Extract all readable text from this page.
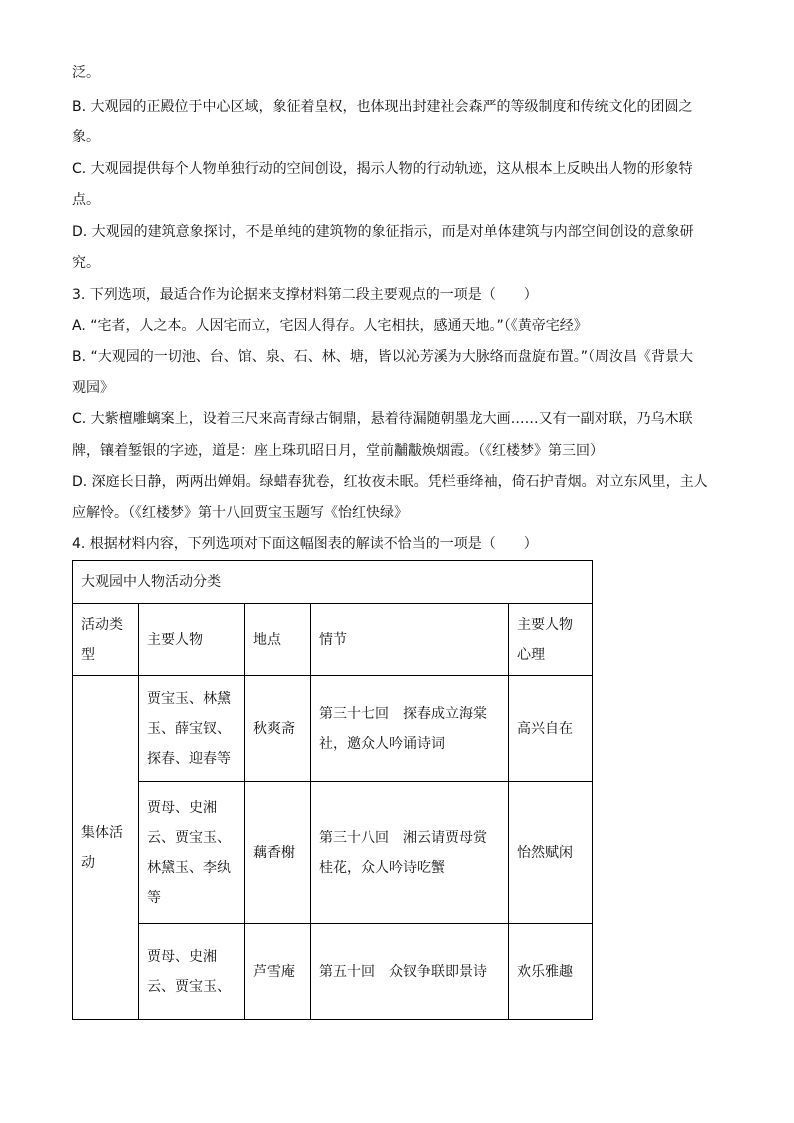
泛。
B. 大观园的正殿位于中心区域，象征着皇权，也体现出封建社会森严的等级制度和传统文化的团圆之
象。
C. 大观园提供每个人物单独行动的空间创设，揭示人物的行动轨迹，这从根本上反映出人物的形象特
点。
D. 大观园的建筑意象探讨，不是单纯的建筑物的象征指示，而是对单体建筑与内部空间创设的意象研
究。
3. 下列选项，最适合作为论据来支撑材料第二段主要观点的一项是（　　）
A. “宅者，人之本。人因宅而立，宅因人得存。人宅相扶，感通天地。”（《黄帝宅经》
B. “大观园的一切池、台、馆、泉、石、林、塘，皆以沁芳溪为大脉络而盘旋布置。”（周汝昌《背景大
观园》
C. 大紫檀雕螭案上，设着三尺来高青绿古铜鼎，悬着待漏随朝墨龙大画……又有一副对联，乃乌木联
牌，镶着錾银的字迹，道是：座上珠玑昭日月，堂前黼黻焕烟霞。（《红楼梦》第三回）
D. 深庭长日静，两两出婵娟。绿蜡春犹卷，红妆夜未眠。凭栏垂绛袖，倚石护青烟。对立东风里，主人
应解怜。（《红楼梦》第十八回贾宝玉题写《怡红快绿》
4. 根据材料内容，下列选项对下面这幅图表的解读不恰当的一项是（　　）
大观园中人物活动分类				
活动类型	主要人物	地点	情节	主要人物心理
集体活动	贾宝玉、林黛玉、薛宝钗、探春、迎春等	秋爽斋	第三十七回　探春成立海棠社，邀众人吟诵诗词	高兴自在
	贾母、史湘云、贾宝玉、林黛玉、李纨等	藕香榭	第三十八回　湘云请贾母赏桂花，众人吟诗吃蟹	怡然赋闲
	贾母、史湘云、贾宝玉、	芦雪庵	第五十回　众钗争联即景诗	欢乐雅趣
